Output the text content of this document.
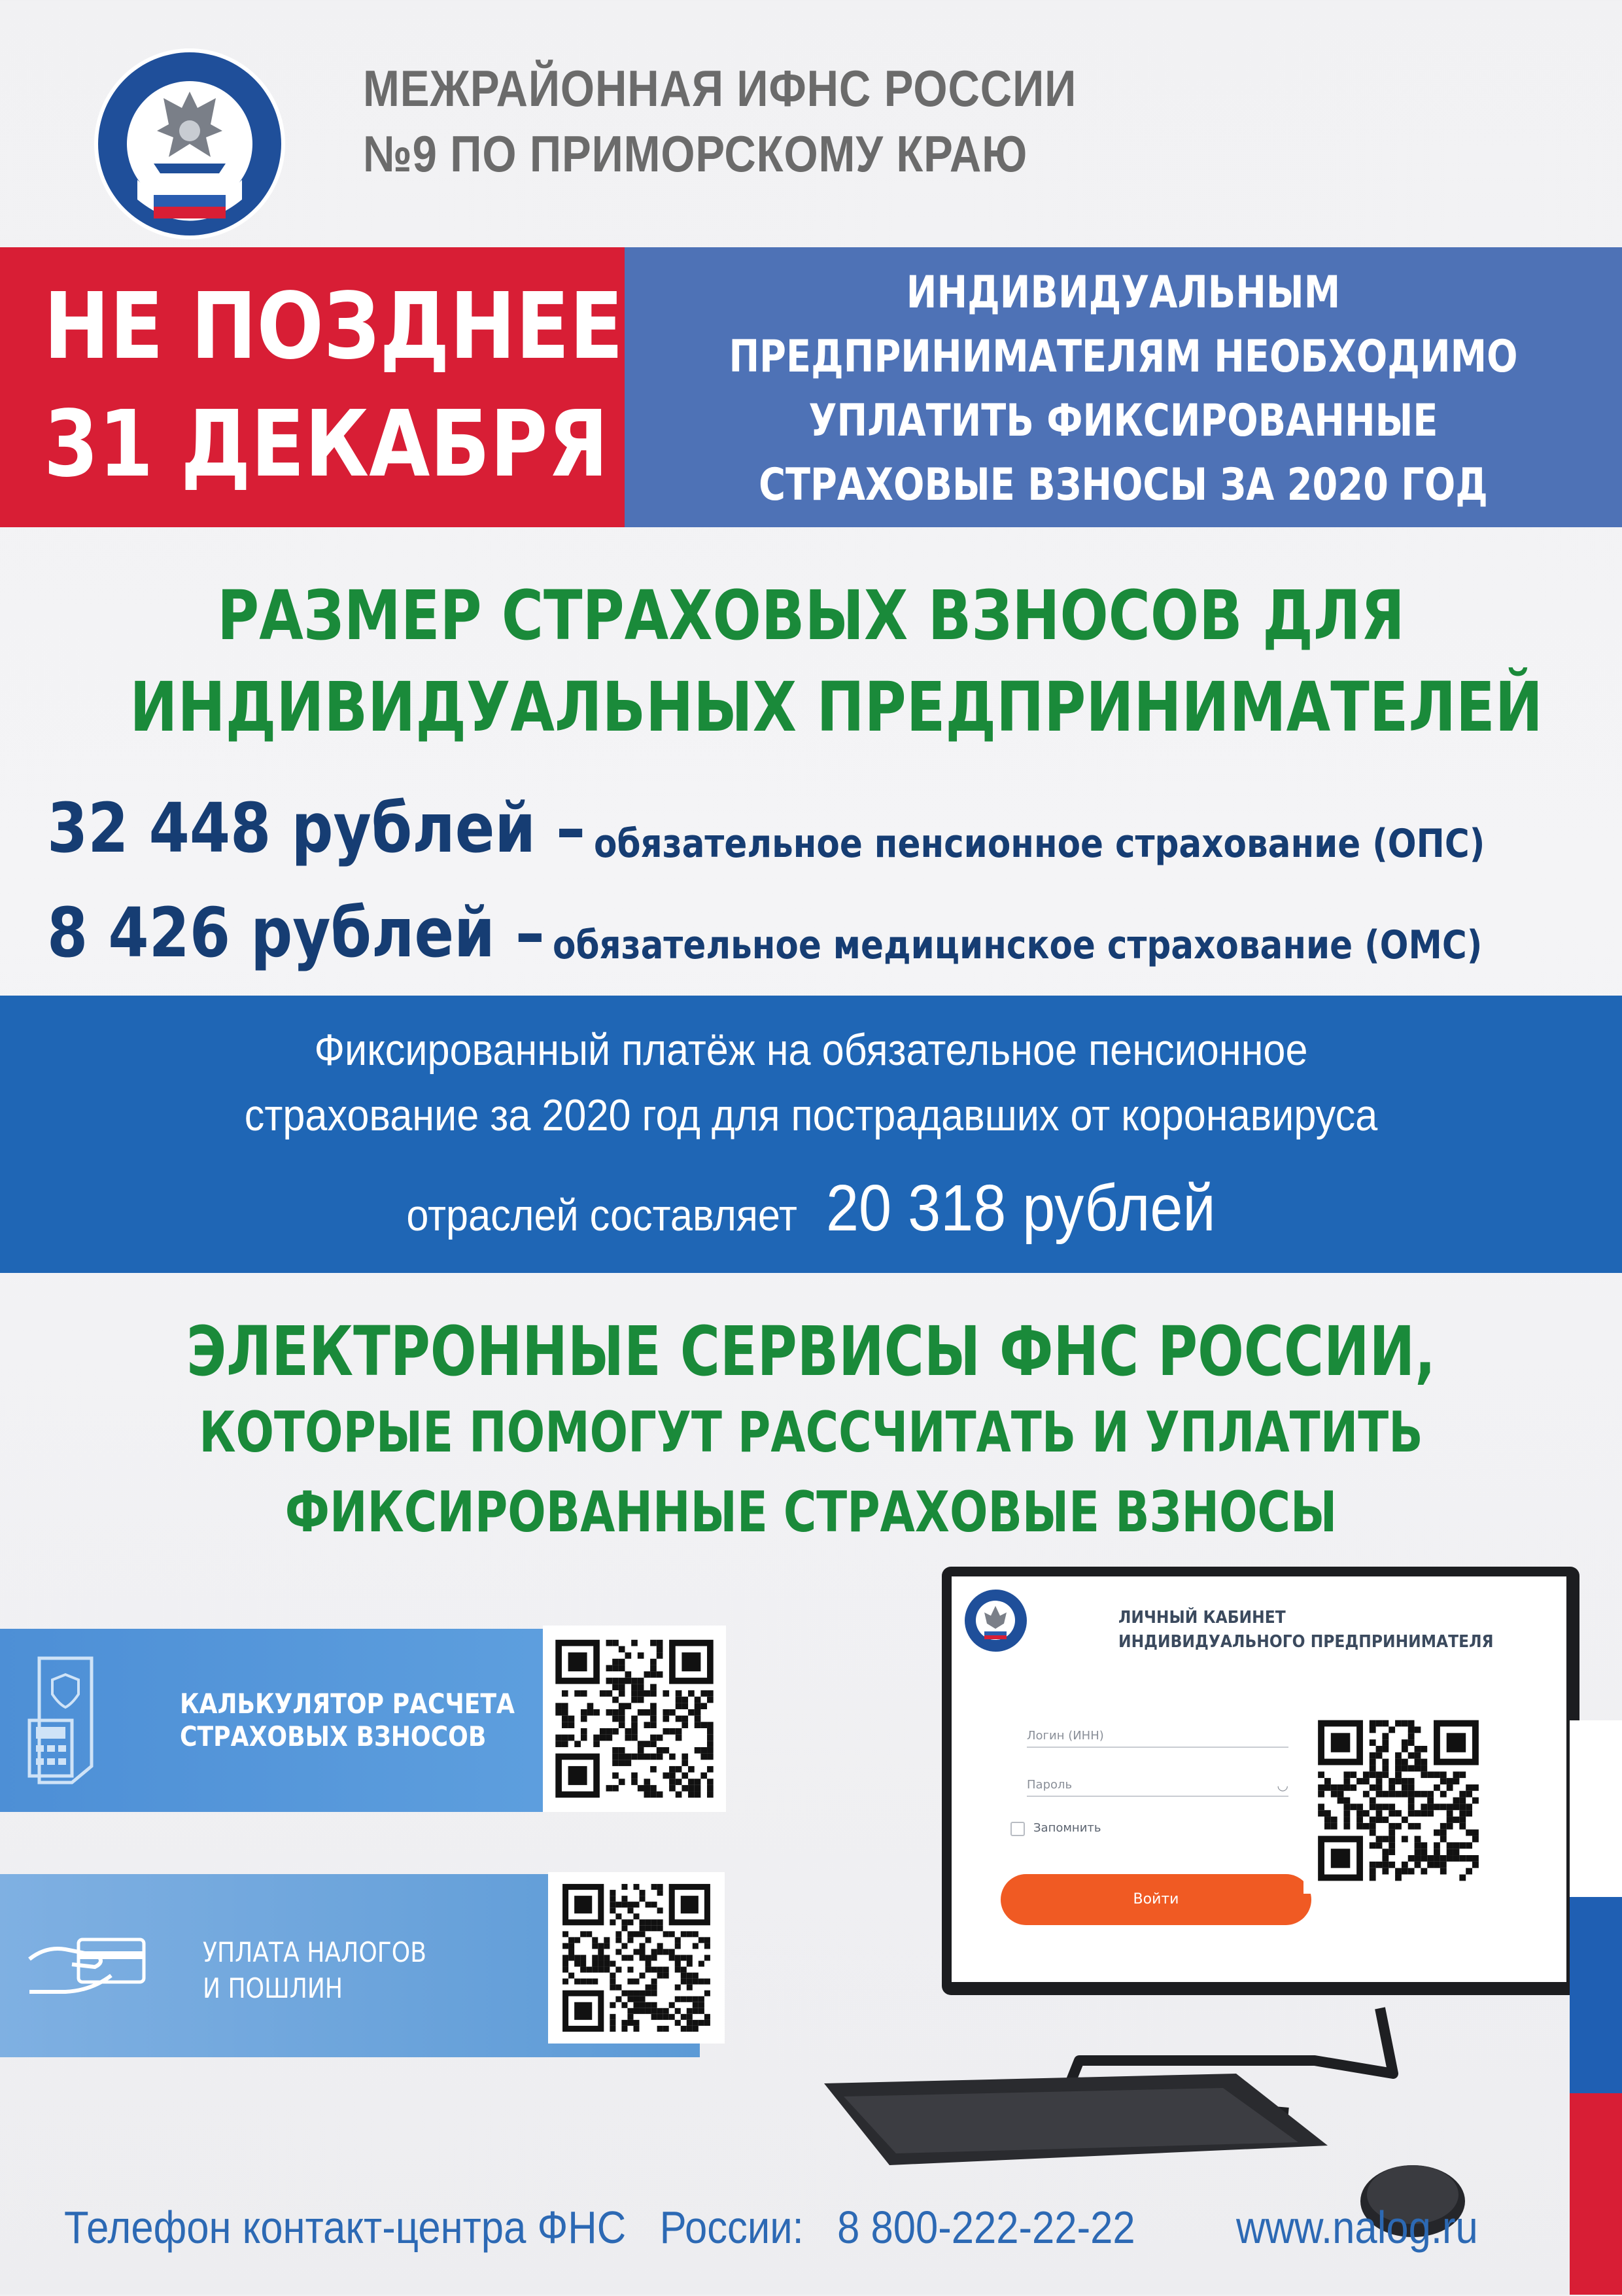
МЕЖРАЙОННАЯ ИФНС РОССИИ
№9 ПО ПРИМОРСКОМУ КРАЮ
НЕ ПОЗДНЕЕ
31 ДЕКАБРЯ
ИНДИВИДУАЛЬНЫМ
ПРЕДПРИНИМАТЕЛЯМ НЕОБХОДИМО
УПЛАТИТЬ ФИКСИРОВАННЫЕ
СТРАХОВЫЕ ВЗНОСЫ ЗА 2020 ГОД
РАЗМЕР СТРАХОВЫХ ВЗНОСОВ ДЛЯ
ИНДИВИДУАЛЬНЫХ ПРЕДПРИНИМАТЕЛЕЙ
32 448 рублей – обязательное пенсионное страхование (ОПС)
8 426 рублей – обязательное медицинское страхование (ОМС)
Фиксированный платёж на обязательное пенсионное
страхование за 2020 год для пострадавших от коронавируса
отраслей составляет 20 318 рублей
ЭЛЕКТРОННЫЕ СЕРВИСЫ ФНС РОССИИ,
КОТОРЫЕ ПОМОГУТ РАССЧИТАТЬ И УПЛАТИТЬ
ФИКСИРОВАННЫЕ СТРАХОВЫЕ ВЗНОСЫ
КАЛЬКУЛЯТОР РАСЧЕТА
СТРАХОВЫХ ВЗНОСОВ
УПЛАТА НАЛОГОВ
И ПОШЛИН
ЛИЧНЫЙ КАБИНЕТ
ИНДИВИДУАЛЬНОГО ПРЕДПРИНИМАТЕЛЯ
Логин (ИНН)
Пароль	◡
Запомнить
Войти
Телефон контакт-центра ФНС   России:   8 800-222-22-22 www.nalog.ru
